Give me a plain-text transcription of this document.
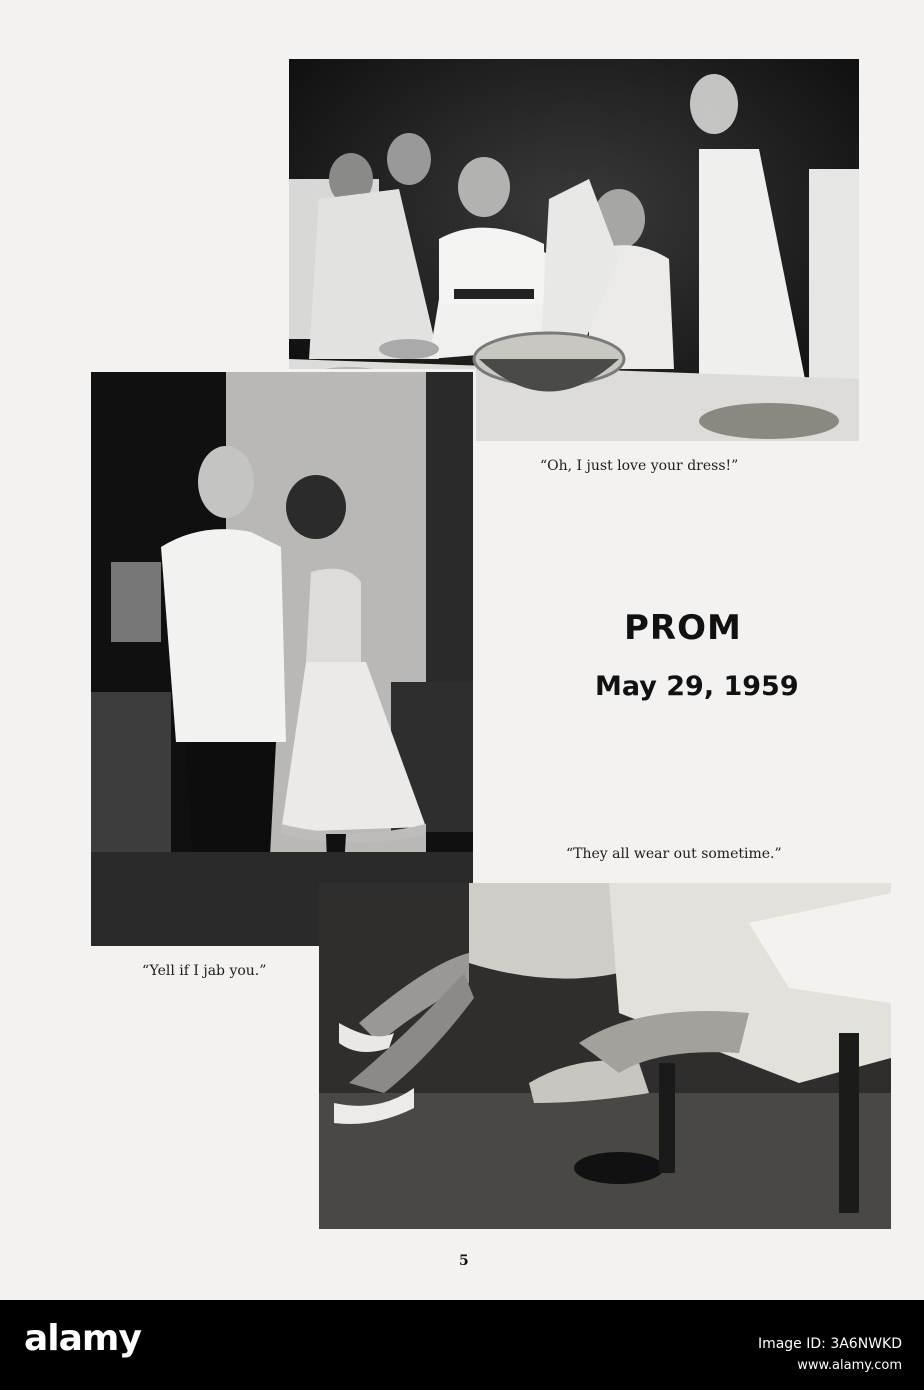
“Oh, I just love your dress!”
PROM
May 29, 1959
“They all wear out sometime.”
“Yell if I jab you.”
5
a
alamy	Image ID: 3A6NWKD
www.alamy.com
